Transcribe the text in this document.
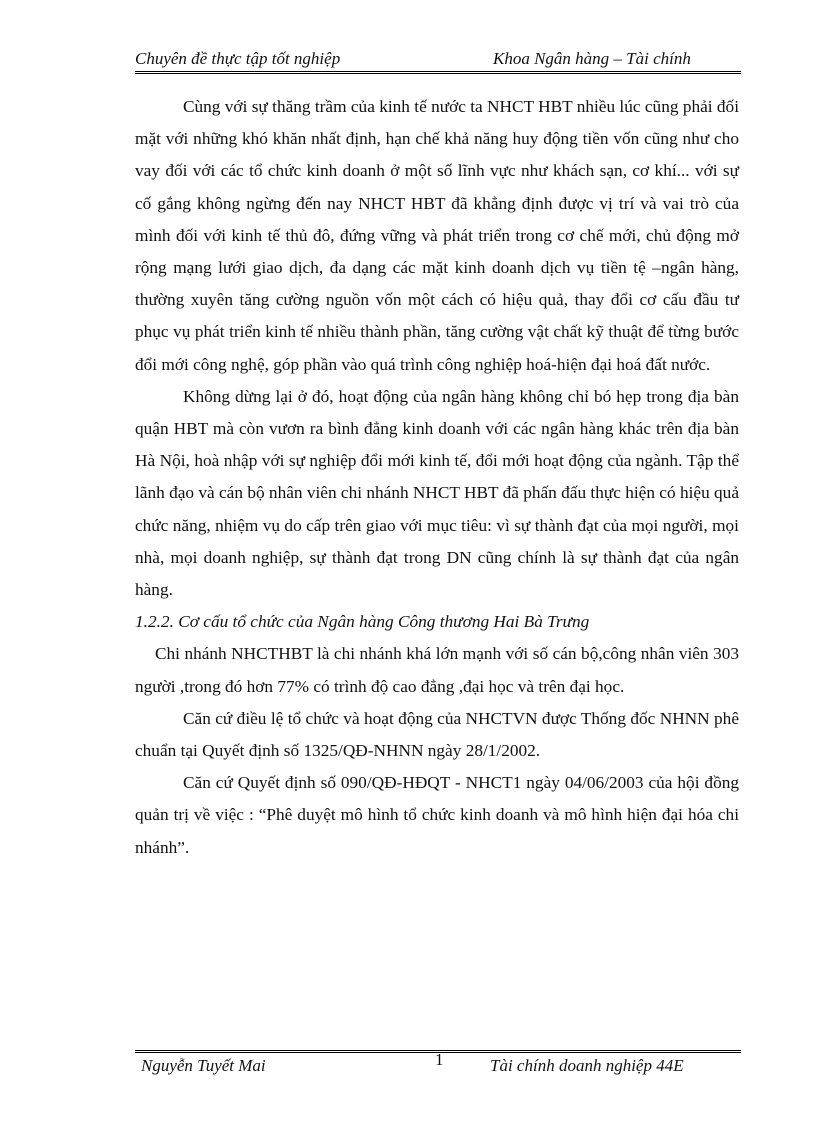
Chuyên đề thực tập tốt nghiệp	Khoa Ngân hàng – Tài chính

Cùng với sự thăng trầm của kinh tế nước ta NHCT HBT nhiều lúc cũng phải đối mặt với những khó khăn nhất định, hạn chế khả năng huy động tiền vốn cũng như cho vay đối với các tổ chức kinh doanh ở một số lĩnh vực như khách sạn, cơ khí... với sự cố gắng không ngừng đến nay NHCT HBT đã khẳng định được vị trí và vai trò của mình đối với kinh tế thủ đô, đứng vững và phát triển trong cơ chế mới, chủ động mở rộng mạng lưới giao dịch, đa dạng các mặt kinh doanh dịch vụ tiền tệ –ngân hàng, thường xuyên tăng cường nguồn vốn một cách có hiệu quả, thay đổi cơ cấu đầu tư phục vụ phát triển kinh tế nhiều thành phần, tăng cường vật chất kỹ thuật để từng bước đổi mới công nghệ, góp phần vào quá trình công nghiệp hoá-hiện đại hoá đất nước.

Không dừng lại ở đó, hoạt động của ngân hàng không chỉ bó hẹp trong địa bàn quận HBT mà còn vươn ra bình đẳng kinh doanh với các ngân hàng khác trên địa bàn Hà Nội, hoà nhập với sự nghiệp đổi mới kinh tế, đổi mới hoạt động của ngành. Tập thể lãnh đạo và cán bộ nhân viên chi nhánh NHCT HBT đã phấn đấu thực hiện có hiệu quả chức năng, nhiệm vụ do cấp trên giao với mục tiêu: vì sự thành đạt của mọi người, mọi nhà, mọi doanh nghiệp, sự thành đạt trong DN cũng chính là sự thành đạt của ngân hàng.

1.2.2. Cơ cấu tổ chức của Ngân hàng Công thương Hai Bà Trưng

Chi nhánh NHCTHBT là chi nhánh khá lớn mạnh với số cán bộ,công nhân viên 303 người ,trong đó hơn 77% có trình độ cao đẳng ,đại học và trên đại học.

Căn cứ điều lệ tổ chức và hoạt động của NHCTVN được Thống đốc NHNN phê chuẩn tại Quyết định số 1325/QĐ-NHNN ngày 28/1/2002.

Căn cứ Quyết định số 090/QĐ-HĐQT - NHCT1 ngày 04/06/2003 của hội đồng quản trị về việc : “Phê duyệt mô hình tổ chức kinh doanh và mô hình hiện đại hóa chi nhánh”.

Nguyễn Tuyết Mai	1	Tài chính doanh nghiệp 44E
